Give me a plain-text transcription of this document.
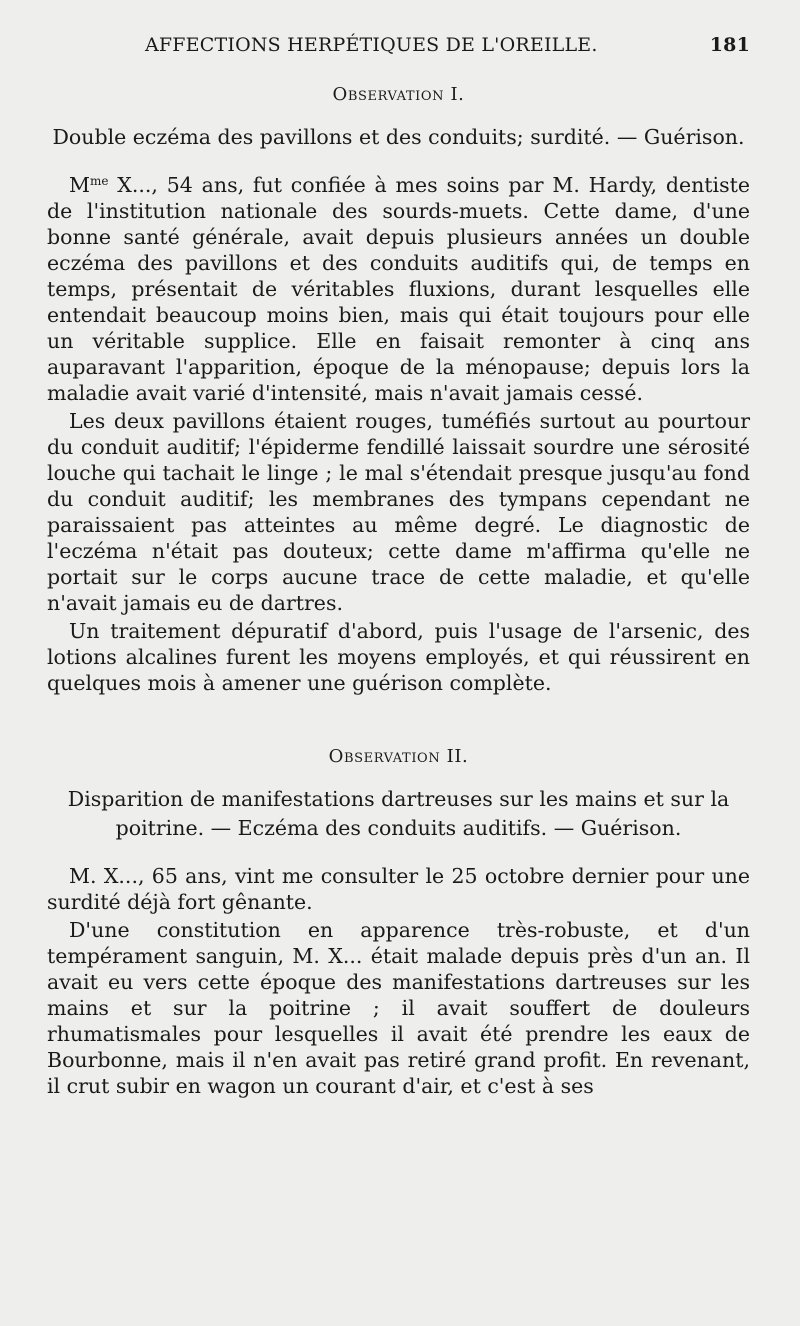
AFFECTIONS HERPÉTIQUES DE L'OREILLE.	181
Observation I.
Double eczéma des pavillons et des conduits; surdité. — Guérison.

$M^{me}$ X..., 54 ans, fut confiée à mes soins par M. Hardy, dentiste de l'institution nationale des sourds-muets. Cette dame, d'une bonne santé générale, avait depuis plusieurs années un double eczéma des pavillons et des conduits auditifs qui, de temps en temps, présentait de véritables fluxions, durant lesquelles elle entendait beaucoup moins bien, mais qui était toujours pour elle un véritable supplice. Elle en faisait remonter à cinq ans auparavant l'apparition, époque de la ménopause; depuis lors la maladie avait varié d'intensité, mais n'avait jamais cessé.

Les deux pavillons étaient rouges, tuméfiés surtout au pourtour du conduit auditif; l'épiderme fendillé laissait sourdre une sérosité louche qui tachait le linge ; le mal s'étendait presque jusqu'au fond du conduit auditif; les membranes des tympans cependant ne paraissaient pas atteintes au même degré. Le diagnostic de l'eczéma n'était pas douteux; cette dame m'affirma qu'elle ne portait sur le corps aucune trace de cette maladie, et qu'elle n'avait jamais eu de dartres.

Un traitement dépuratif d'abord, puis l'usage de l'arsenic, des lotions alcalines furent les moyens employés, et qui réussirent en quelques mois à amener une guérison complète.

Observation II.
Disparition de manifestations dartreuses sur les mains et sur la poitrine. — Eczéma des conduits auditifs. — Guérison.

M. X..., 65 ans, vint me consulter le 25 octobre dernier pour une surdité déjà fort gênante.

D'une constitution en apparence très-robuste, et d'un tempérament sanguin, M. X... était malade depuis près d'un an. Il avait eu vers cette époque des manifestations dartreuses sur les mains et sur la poitrine ; il avait souffert de douleurs rhumatismales pour lesquelles il avait été prendre les eaux de Bourbonne, mais il n'en avait pas retiré grand profit. En revenant, il crut subir en wagon un courant d'air, et c'est à ses
